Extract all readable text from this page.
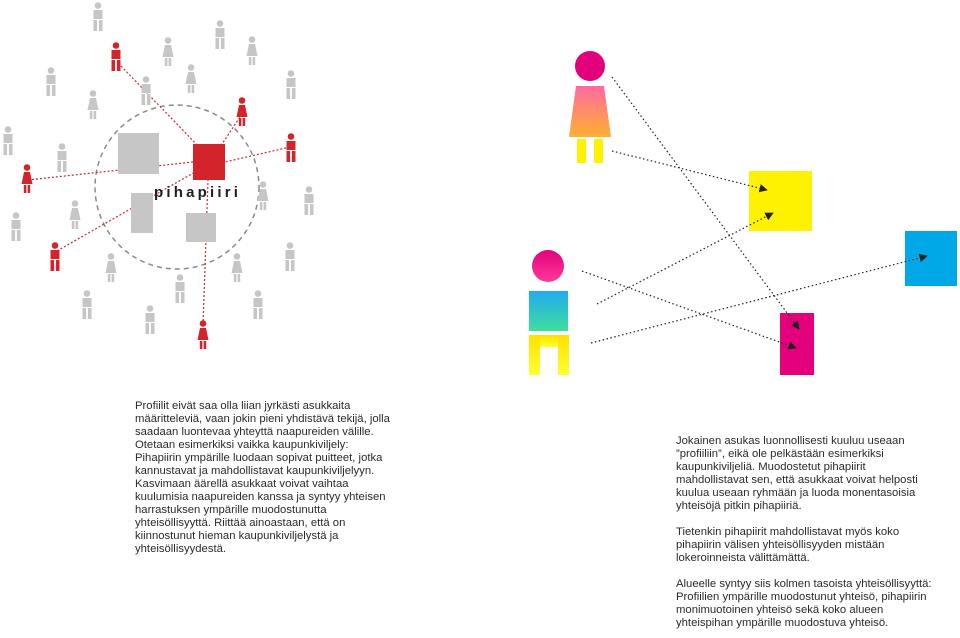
pihapiiri

Profiilit eivät saa olla liian jyrkästi asukkaita määritteleviä, vaan jokin pieni yhdistävä tekijä, jolla saadaan luontevaa yhteyttä naapureiden välille. Otetaan esimerkiksi vaikka kaupunkiviljely: Pihapiirin ympärille luodaan sopivat puitteet, jotka kannustavat ja mahdollistavat kaupunkiviljelyyn. Kasvimaan äärellä asukkaat voivat vaihtaa kuulumisia naapureiden kanssa ja syntyy yhteisen harrastuksen ympärille muodostunutta yhteisöllisyyttä. Riittää ainoastaan, että on kiinnostunut hieman kaupunkiviljelystä ja yhteisöllisyydestä.

Jokainen asukas luonnollisesti kuuluu useaan ”profiiliin”, eikä ole pelkästään esimerkiksi kaupunkiviljeliä. Muodostetut pihapiirit mahdollistavat sen, että asukkaat voivat helposti kuulua useaan ryhmään ja luoda monentasoisia yhteisöjä pitkin pihapiiriä.

Tietenkin pihapiirit mahdollistavat myös koko pihapiirin välisen yhteisöllisyyden mistään lokeroinneista välittämättä.

Alueelle syntyy siis kolmen tasoista yhteisöllisyyttä: Profiilien ympärille muodostunut yhteisö, pihapiirin monimuotoinen yhteisö sekä koko alueen yhteispihan ympärille muodostuva yhteisö.
